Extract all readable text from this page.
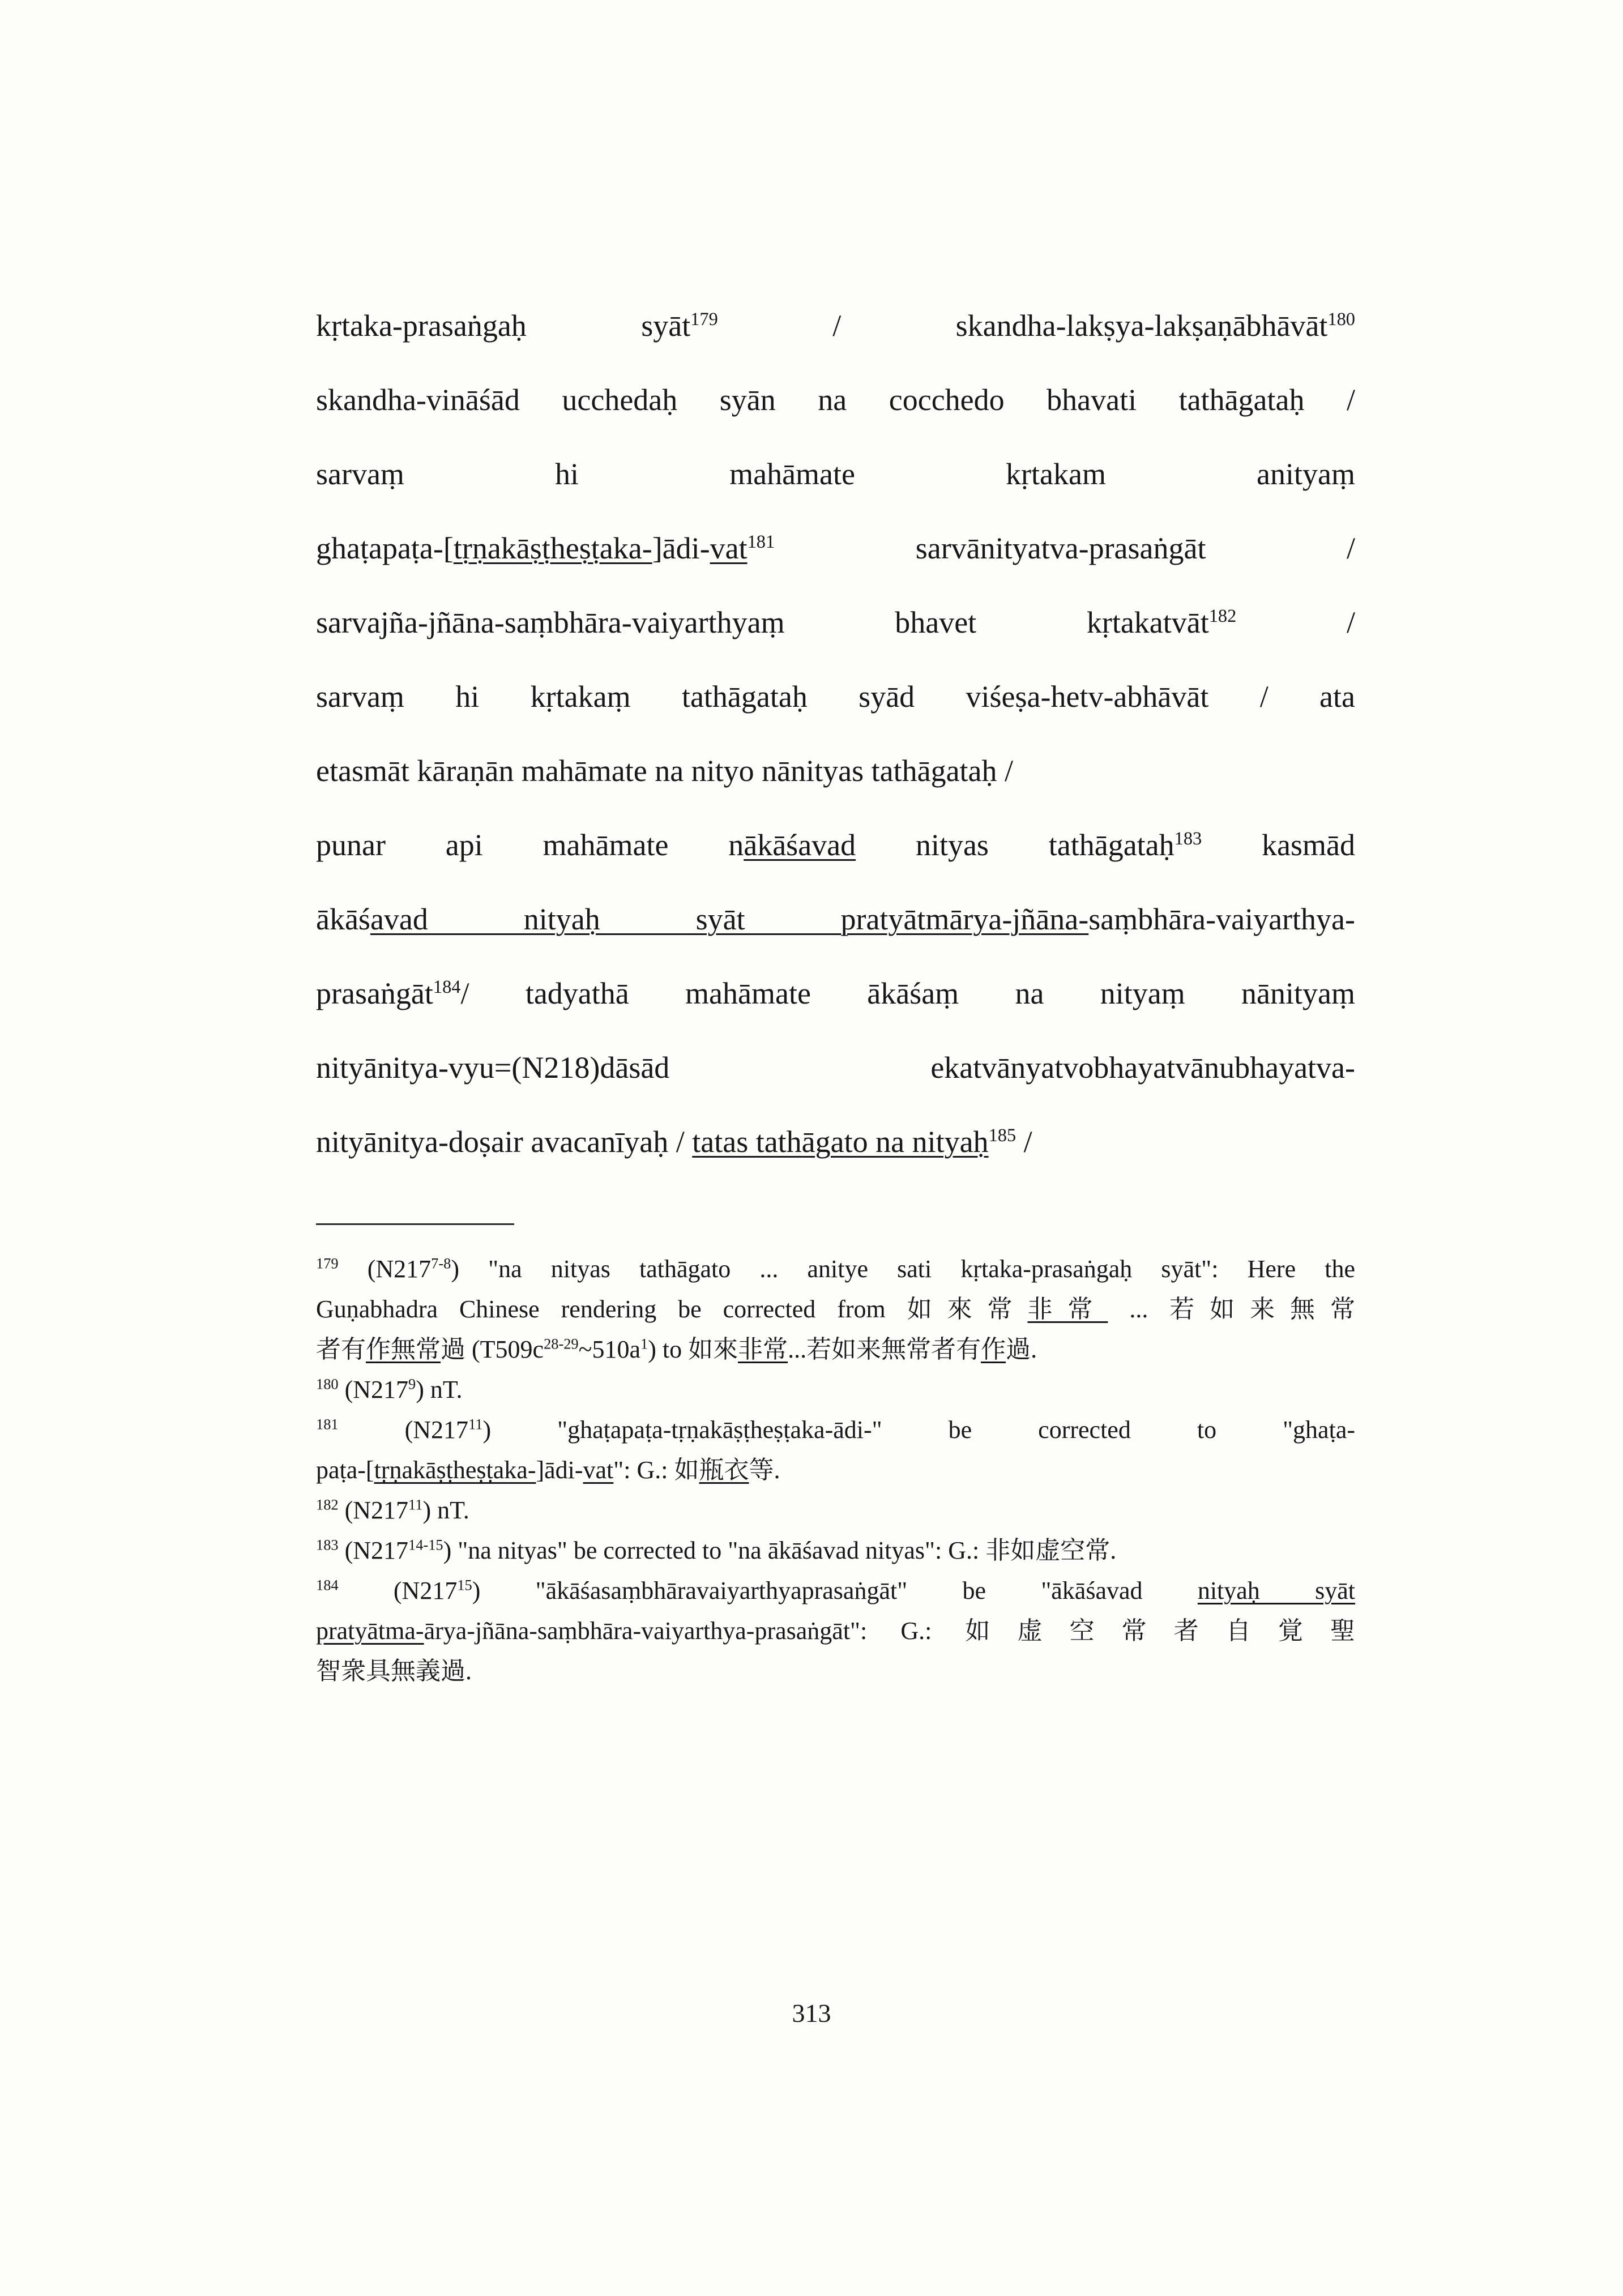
kṛtaka-prasaṅgaḥ syāt$^{179}$ / skandha-lakṣya-lakṣaṇābhāvāt$^{180}$
skandha-vināśād ucchedaḥ syān na cocchedo bhavati tathāgataḥ /
sarvaṃ hi mahāmate kṛtakam anityaṃ
ghaṭapaṭa-[tṛṇakāṣṭheṣṭaka-]ādi-vat$^{181}$ sarvānityatva-prasaṅgāt /
sarvajña-jñāna-saṃbhāra-vaiyarthyaṃ bhavet kṛtakatvāt$^{182}$ /
sarvaṃ hi kṛtakaṃ tathāgataḥ syād viśeṣa-hetv-abhāvāt / ata
etasmāt kāraṇān mahāmate na nityo nānityas tathāgataḥ /
punar api mahāmate nākāśavad nityas tathāgataḥ$^{183}$ kasmād
ākāśavad nityaḥ syāt pratyātmārya-jñāna-saṃbhāra-vaiyarthya-
prasaṅgāt$^{184}$/ tadyathā mahāmate ākāśaṃ na nityaṃ nānityaṃ
nityānitya-vyu=(N218)dāsād ekatvānyatvobhayatvānubhayatva-
nityānitya-doṣair avacanīyaḥ / tatas tathāgato na nityaḥ$^{185}$ /
$^{179}$ (N217$^{7-8}$) "na nityas tathāgato ... anitye sati kṛtaka-prasaṅgaḥ syāt": Here the
Guṇabhadra Chinese rendering be corrected from 如來常非常 ... 若如来無常
者有作無常過 $(T509c^{28-29}\sim 510a^1)$ to 如來非常...若如来無常者有作過.
$^{180}$ $(N217^9)$ nT.
$^{181}$ $(N217^{11})$ "ghaṭapaṭa-tṛṇakāṣṭheṣṭaka-ādi-" be corrected to "ghaṭa-
paṭa-[tṛṇakāṣṭheṣṭaka-]ādi-vat": G.: 如瓶衣等.
$^{182}$ $(N217^{11})$ nT.
$^{183}$ (N217$^{14-15}$) "na nityas" be corrected to "na ākāśavad nityas": G.: 非如虚空常.
$^{184}$ $(N217^{15})$ "ākāśasaṃbhāravaiyarthyaprasaṅgāt" be "ākāśavad nityaḥ syāt
pratyātma-ārya-jñāna-saṃbhāra-vaiyarthya-prasaṅgāt": G.: 如虚空常者自覚聖
智衆具無義過.
313
